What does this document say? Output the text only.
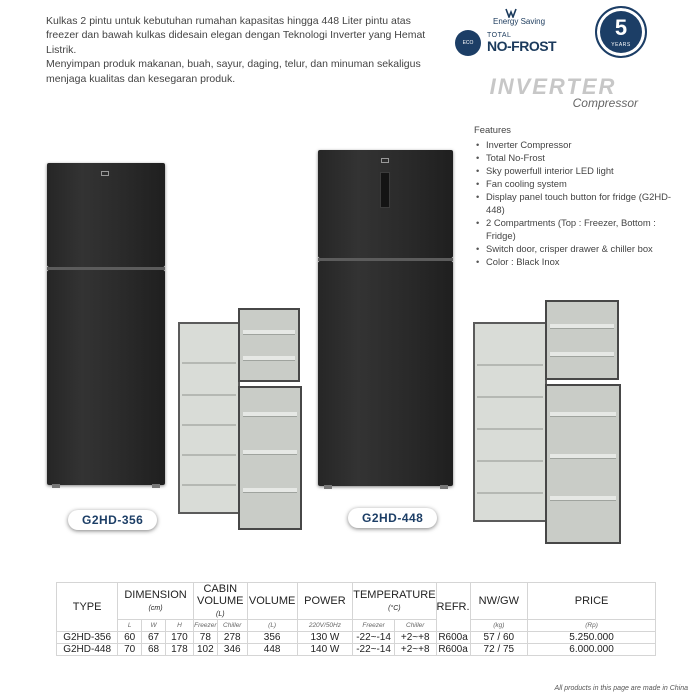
Kulkas 2 pintu untuk kebutuhan rumahan kapasitas hingga 448 Liter pintu atas freezer dan bawah kulkas didesain elegan dengan Teknologi Inverter yang Hemat Listrik.

Menyimpan produk makanan, buah, sayur, daging, telur, dan minuman sekaligus menjaga kualitas dan kesegaran produk.

Energy Saving
ECO
TOTAL
NO-FROST
5
YEARS
INVERTER
Compressor
Features
• Inverter Compressor
• Total No-Frost
• Sky powerfull interior LED light
• Fan cooling system
• Display panel touch button for fridge (G2HD-448)
• 2 Compartments (Top : Freezer, Bottom : Fridge)
• Switch door, crisper drawer & chiller box
• Color : Black Inox
G2HD-356	G2HD-448
TYPE	DIMENSION (cm)			CABIN VOLUME (L)		VOLUME	POWER	TEMPERATURE (°C)		REFR.	NW/GW	PRICE
	L	W	H	Freezer	Chiller	(L)	220V/50Hz	Freezer	Chiller		(kg)	(Rp)
G2HD-356	60	67	170	78	278	356	130 W	-22~-14	+2~+8	R600a	57 / 60	5.250.000
G2HD-448	70	68	178	102	346	448	140 W	-22~-14	+2~+8	R600a	72 / 75	6.000.000
All products in this page are made in China
